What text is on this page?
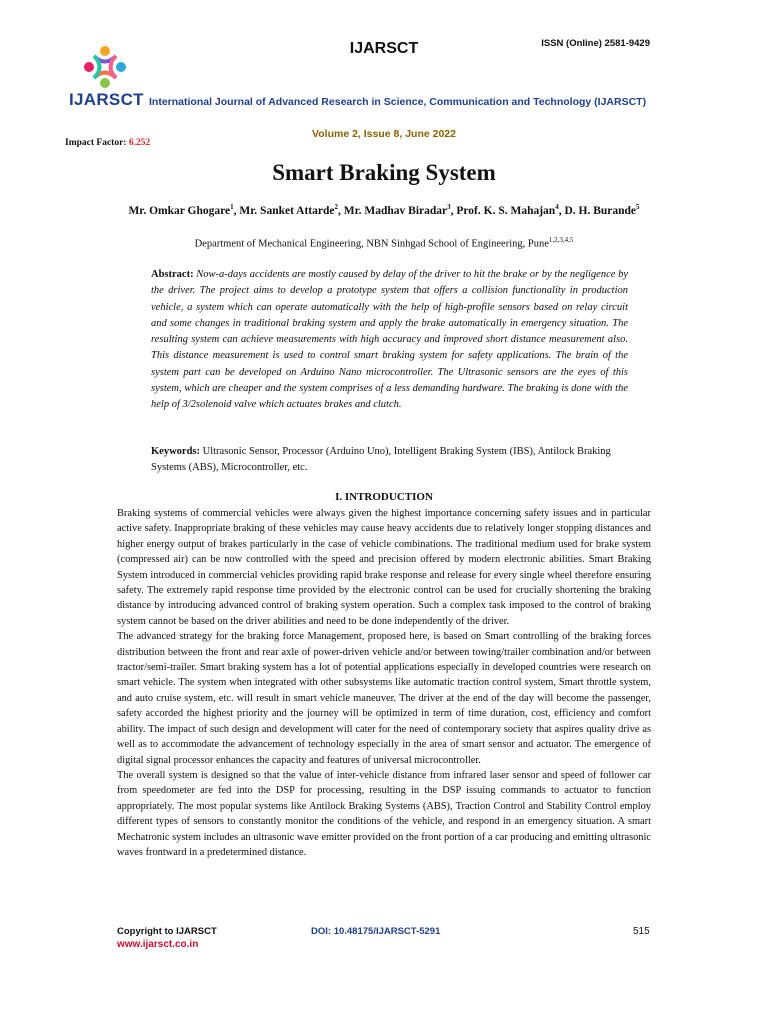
IJARSCT
IJARSCT	ISSN (Online) 2581-9429
International Journal of Advanced Research in Science, Communication and Technology (IJARSCT)
Impact Factor: 6.252
Volume 2, Issue 8, June 2022
Smart Braking System
Mr. Omkar Ghogare$^1$, Mr. Sanket Attarde$^2$, Mr. Madhav Biradar$^3$, Prof. K. S. Mahajan$^4$, D. H. Burande$^5$
Department of Mechanical Engineering, NBN Sinhgad School of Engineering, Pune$^{1,2,3,4,5}$

Abstract: Now-a-days accidents are mostly caused by delay of the driver to hit the brake or by the negligence by the driver. The project aims to develop a prototype system that offers a collision functionality in production vehicle, a system which can operate automatically with the help of high-profile sensors based on relay circuit and some changes in traditional braking system and apply the brake automatically in emergency situation. The resulting system can achieve measurements with high accuracy and improved short distance measurement also. This distance measurement is used to control smart braking system for safety applications. The brain of the system part can be developed on Arduino Nano microcontroller. The Ultrasonic sensors are the eyes of this system, which are cheaper and the system comprises of a less demanding hardware. The braking is done with the help of 3/2solenoid valve which actuates brakes and clutch.

Keywords: Ultrasonic Sensor, Processor (Arduino Uno), Intelligent Braking System (IBS), Antilock Braking Systems (ABS), Microcontroller, etc.

I. INTRODUCTION

Braking systems of commercial vehicles were always given the highest importance concerning safety issues and in particular active safety. Inappropriate braking of these vehicles may cause heavy accidents due to relatively longer stopping distances and higher energy output of brakes particularly in the case of vehicle combinations. The traditional medium used for brake system (compressed air) can be now controlled with the speed and precision offered by modern electronic abilities. Smart Braking System introduced in commercial vehicles providing rapid brake response and release for every single wheel therefore ensuring safety. The extremely rapid response time provided by the electronic control can be used for crucially shortening the braking distance by introducing advanced control of braking system operation. Such a complex task imposed to the control of braking system cannot be based on the driver abilities and need to be done independently of the driver.

The advanced strategy for the braking force Management, proposed here, is based on Smart controlling of the braking forces distribution between the front and rear axle of power-driven vehicle and/or between towing/trailer combination and/or between tractor/semi-trailer. Smart braking system has a lot of potential applications especially in developed countries were research on smart vehicle. The system when integrated with other subsystems like automatic traction control system, Smart throttle system, and auto cruise system, etc. will result in smart vehicle maneuver. The driver at the end of the day will become the passenger, safety accorded the highest priority and the journey will be optimized in term of time duration, cost, efficiency and comfort ability. The impact of such design and development will cater for the need of contemporary society that aspires quality drive as well as to accommodate the advancement of technology especially in the area of smart sensor and actuator. The emergence of digital signal processor enhances the capacity and features of universal microcontroller.

The overall system is designed so that the value of inter-vehicle distance from infrared laser sensor and speed of follower car from speedometer are fed into the DSP for processing, resulting in the DSP issuing commands to actuator to function appropriately. The most popular systems like Antilock Braking Systems (ABS), Traction Control and Stability Control employ different types of sensors to constantly monitor the conditions of the vehicle, and respond in an emergency situation. A smart Mechatronic system includes an ultrasonic wave emitter provided on the front portion of a car producing and emitting ultrasonic waves frontward in a predetermined distance.

Copyright to IJARSCT
www.ijarsct.co.in
DOI: 10.48175/IJARSCT-5291	515
